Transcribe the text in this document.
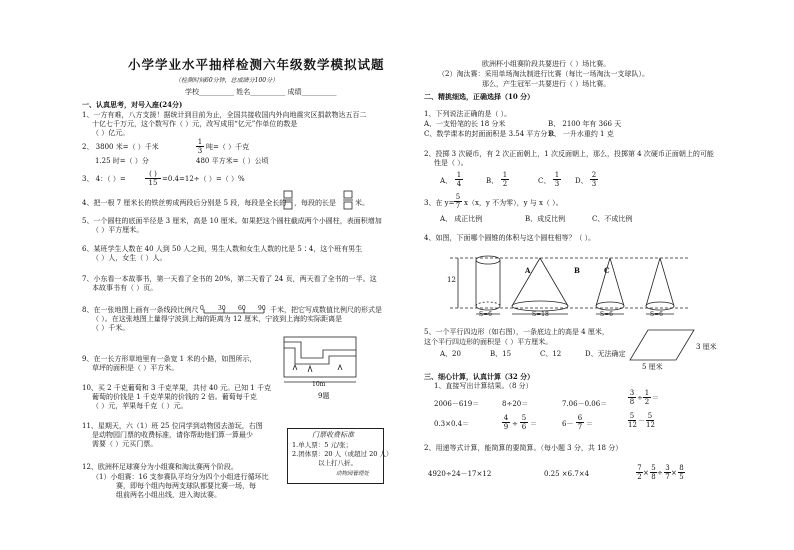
小学学业水平抽样检测六年级数学模拟试题
（检测时间60分钟，总成绩分100分）
学校__________ 姓名__________ 成绩__________
一、认真思考，对号入座(24分)
1、一方有难，八方支援！据统计到目前为止，全国共接收国内外向地震灾区捐款物达五百二
十亿七千万元，这个数写作（ ）元，改写成用“亿元”作单位的数是
（ ）亿元。
2、 3800 米=（ ）千米	$\frac{1}{3}$ 吨=（ ）千克
1.25 时=（ ）分	480 平方米=（ ）公顷
3、 4：（ ）=
( )
15 =0.4=12÷（ ）=（ ）%
4、把一根 7 厘米长的铁丝剪成两段后分别是 5 段，每段是全长的 ，每段的长是	米。
5、一个圆柱的底面半径是 3 厘米，高是 10 厘米。如果把这个圆柱截成两个小圆柱，表面积增加
（ ）平方厘米。
6、某班学生人数在 40 人到 50 人之间，男生人数和女生人数的比是 5∶4，这个班有男生
（ ）人，女生（ ）人。
7、小东看一本故事书，第一天看了全书的 20%，第二天看了 24 页，两天看了全书的一半。这
本故事书有（ ）页。
8、在一张地图上画有一条线段比例尺 0 30 60 90 千米，把它写成数值比例尺的形式是
（ ）。在这张地图上量得宁波到上海的距离为 12 厘米，宁波到上海的实际距离是
（ ）千米。
9、在一长方形草地里有一条宽 1 米的小路，如图所示，
草坪的面积是（ ）平方米。
10m
9题
10、买 2 千克葡萄和 3 千克苹果，共付 40 元。已知 1 千克
葡萄的价钱是 1 千克苹果的价钱的 2 倍。葡萄每千克
（ ）元，苹果每千克（ ）元。
11、星期天，六（1）班 25 位同学到动物园去游玩，右图
是动物园门票的收费标准，请你帮助他们算一算最少
需要（ ）元买门票。
门票收费标准
1.单人票：5 元/张；
2.团体票：20 人（或超过 20 人）
以上打八折。
动物园管理处
12、欧洲杯足球赛分为小组赛和淘汰赛两个阶段。
（1）小组赛：16 支参赛队平均分为四个小组进行循环比
赛，即每个组内每两支球队都要比赛一场，每
组前两名小组出线，进入淘汰赛。
欧洲杯小组赛阶段共要进行（ ）场比赛。
（2）淘汰赛：采用单场淘汰制进行比赛（每比一场淘汰一支球队）。
那么，产生冠军一共要进行（ ）场比赛。
二、精挑细选，正确选择（10 分）
1、下列说法正确的是（ ）。
A、一支铅笔的长 18 分米	B、 2100 年有 366 天
C、数学课本的封面面积是 3.54 平方分米
D、 一升水重约 1 克
2、投掷 3 次硬币，有 2 次正面朝上，1 次反面朝上，那么，投掷第 4 次硬币正面朝上的可能
性是（ ）。
A、 $\frac{1}{4}$	B、 $\frac{1}{2}$	C、 $\frac{1}{3}$ D、 $\frac{2}{3}$
3、在 $y= \frac{5}{7} x(x$，y 不为零），y 与 x（ ）。
A、 成正比例	B、成反比例	C、不成比例
4、如图，下面哪个圆锥的体积与这个圆柱相等？（ ）。
12
A	B	C
S=6	S=18	S=6	S=6
5、一个平行四边形（如右图），一条底边上的高是 4 厘米，
这个平行四边形的面积是（ ）平方厘米。
A、20	B、15	C、12	D、无法确定
3 厘米
5 厘米
三、细心计算，认真计算（32 分）
1、直接写出计算结果。（8 分）
2006－619＝	8÷20＝	7.06－0.06＝	$\frac{3}{8} \div \frac{1}{2}$ ＝
0.3×0.4＝	$\frac{4}{9} \div \frac{5}{6}$ ＝	$6- \frac{6}{7}$ ＝	$\frac{5}{12} - \frac{5}{12}$
2、用递等式计算，能简算的要简算。（每小题 3 分，共 18 分）
4920÷24－17×12	0.25 ×6.7×4	$\frac{7}{2} \times \frac{5}{8} \div \frac{3}{7} \times \frac{8}{5}$
